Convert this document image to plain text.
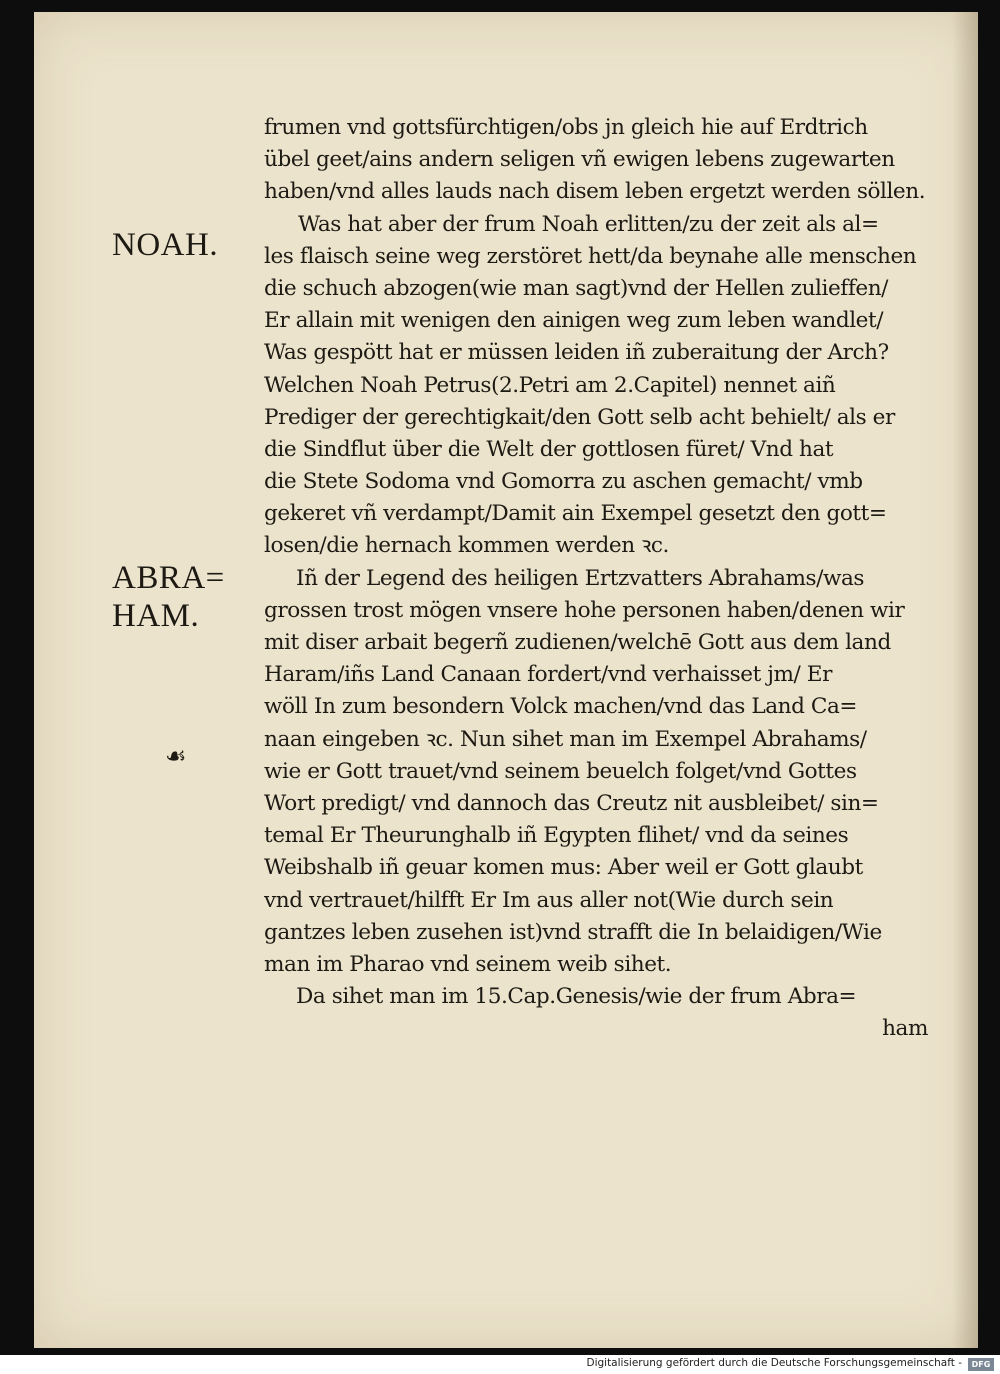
NOAH.
ABRA=
HAM.
☙
frumen vnd gottsfürchtigen/obs jn gleich hie auf Erdtrich
übel geet/ains andern seligen vñ ewigen lebens zugewarten
haben/vnd alles lauds nach disem leben ergetzt werden söllen.
Was hat aber der frum Noah erlitten/zu der zeit als al=
les flaisch seine weg zerstöret hett/da beynahe alle menschen
die schuch abzogen(wie man sagt)vnd der Hellen zulieffen/
Er allain mit wenigen den ainigen weg zum leben wandlet/
Was gespött hat er müssen leiden iñ zuberaitung der Arch?
Welchen Noah Petrus(2.Petri am 2.Capitel) nennet aiñ
Prediger der gerechtigkait/den Gott selb acht behielt/ als er
die Sindflut über die Welt der gottlosen füret/ Vnd hat
die Stete Sodoma vnd Gomorra zu aschen gemacht/ vmb
gekeret vñ verdampt/Damit ain Exempel gesetzt den gott=
losen/die hernach kommen werden ꝛc.
Iñ der Legend des heiligen Ertzvatters Abrahams/was
grossen trost mögen vnsere hohe personen haben/denen wir
mit diser arbait begerñ zudienen/welchē Gott aus dem land
Haram/iñs Land Canaan fordert/vnd verhaisset jm/ Er
wöll In zum besondern Volck machen/vnd das Land Ca=
naan eingeben ꝛc. Nun sihet man im Exempel Abrahams/
wie er Gott trauet/vnd seinem beuelch folget/vnd Gottes
Wort predigt/ vnd dannoch das Creutz nit ausbleibet/ sin=
temal Er Theurunghalb iñ Egypten flihet/ vnd da seines
Weibshalb iñ geuar komen mus: Aber weil er Gott glaubt
vnd vertrauet/hilfft Er Im aus aller not(Wie durch sein
gantzes leben zusehen ist)vnd strafft die In belaidigen/Wie
man im Pharao vnd seinem weib sihet.
Da sihet man im 15.Cap.Genesis/wie der frum Abra=
ham
Digitalisierung gefördert durch die Deutsche Forschungsgemeinschaft -	DFG
